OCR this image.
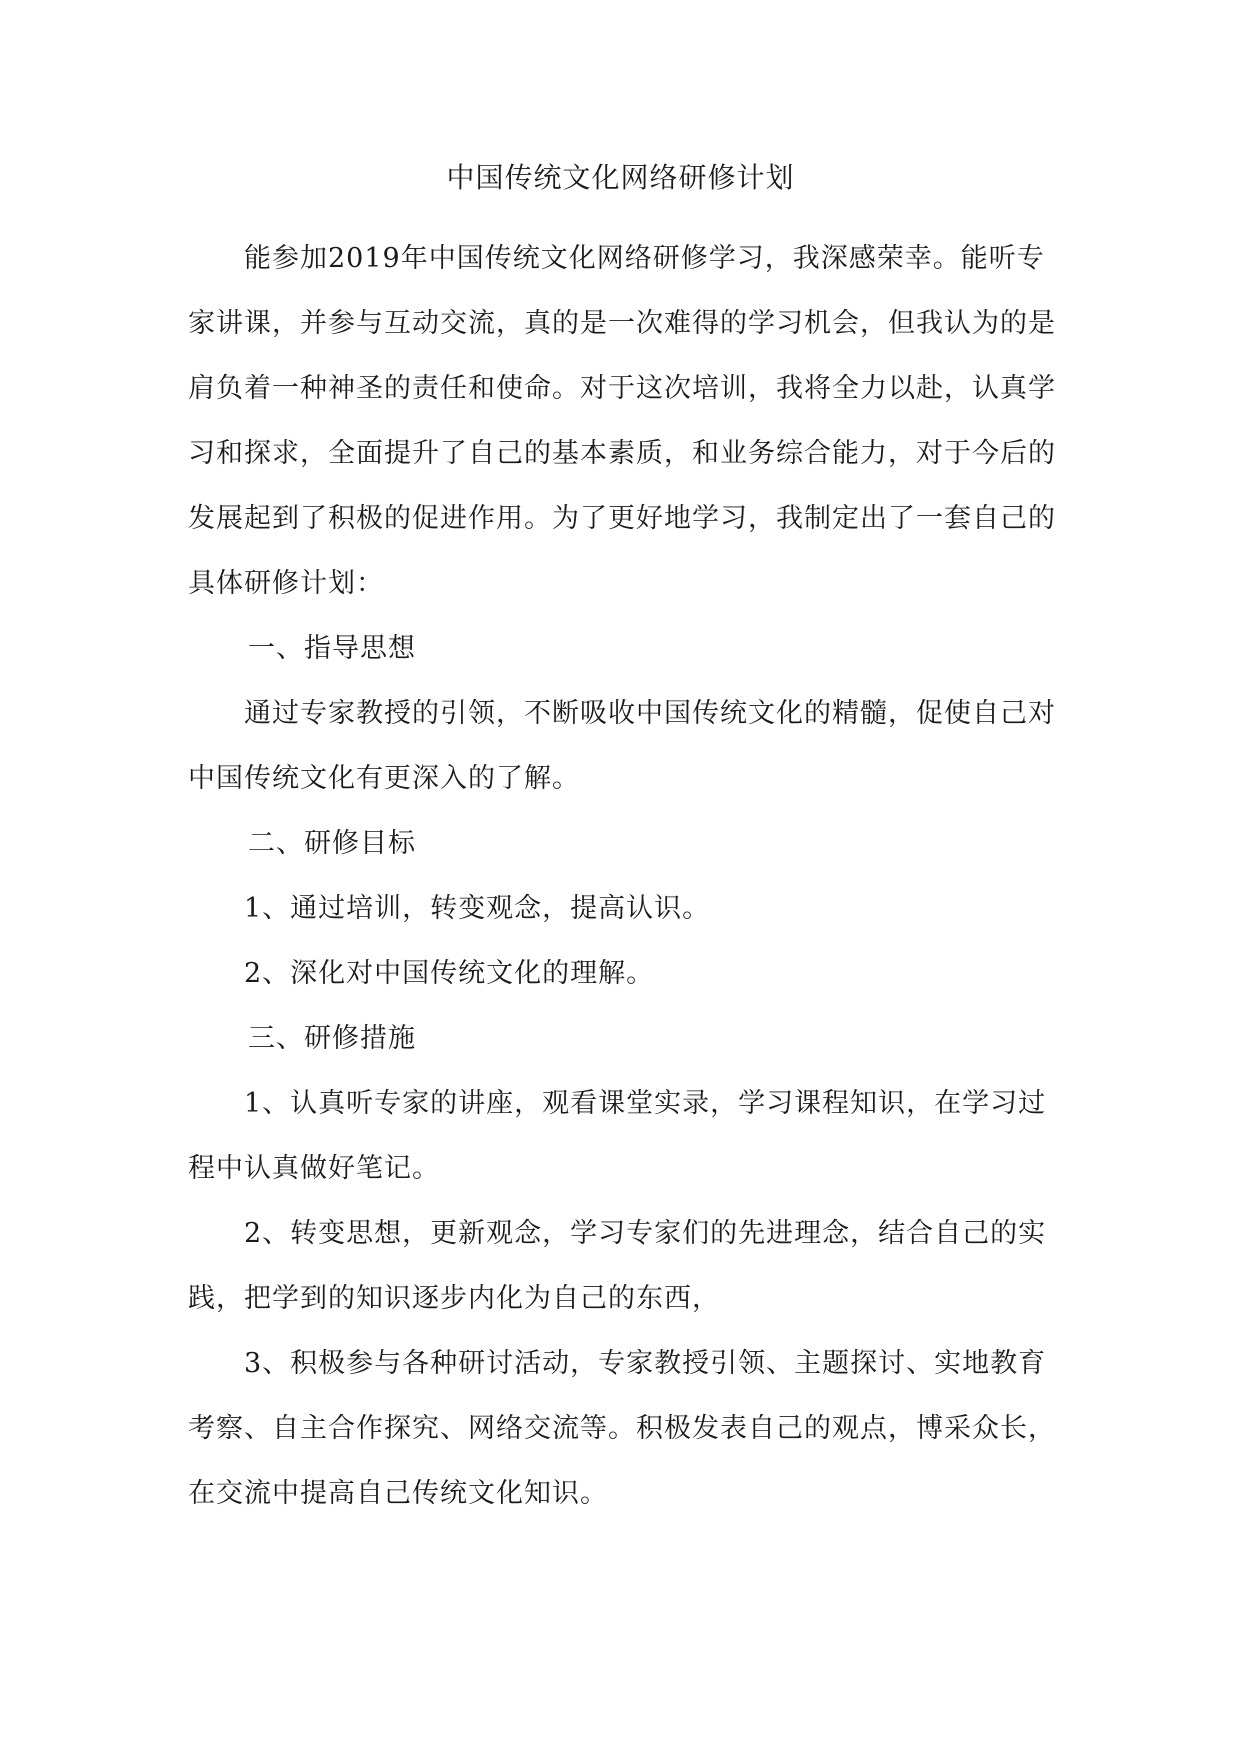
中国传统文化网络研修计划

能参加2019年中国传统文化网络研修学习，我深感荣幸。能听专家讲课，并参与互动交流，真的是一次难得的学习机会，但我认为的是肩负着一种神圣的责任和使命。对于这次培训，我将全力以赴，认真学习和探求，全面提升了自己的基本素质，和业务综合能力，对于今后的发展起到了积极的促进作用。为了更好地学习，我制定出了一套自己的具体研修计划：

一、指导思想

通过专家教授的引领，不断吸收中国传统文化的精髓，促使自己对中国传统文化有更深入的了解。

二、研修目标

1、通过培训，转变观念，提高认识。

2、深化对中国传统文化的理解。

三、研修措施

1、认真听专家的讲座，观看课堂实录，学习课程知识，在学习过程中认真做好笔记。

2、转变思想，更新观念，学习专家们的先进理念，结合自己的实践，把学到的知识逐步内化为自己的东西，

3、积极参与各种研讨活动，专家教授引领、主题探讨、实地教育考察、自主合作探究、网络交流等。积极发表自己的观点，博采众长，在交流中提高自己传统文化知识。
